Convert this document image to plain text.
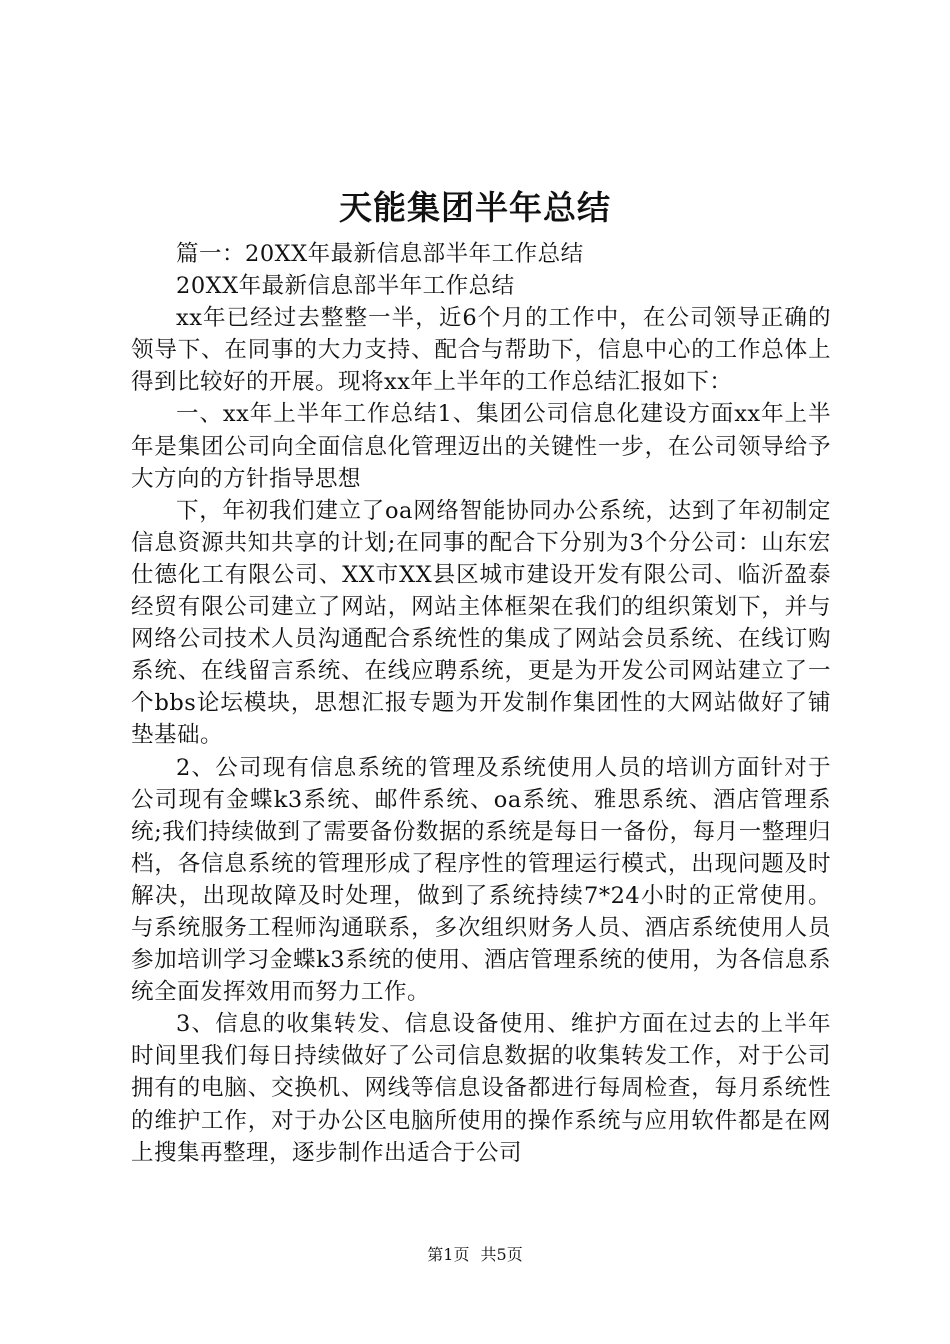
天能集团半年总结

篇一：20XX年最新信息部半年工作总结

20XX年最新信息部半年工作总结

xx年已经过去整整一半，近6个月的工作中，在公司领导正确的领导下、在同事的大力支持、配合与帮助下，信息中心的工作总体上得到比较好的开展。现将xx年上半年的工作总结汇报如下：

一、xx年上半年工作总结1、集团公司信息化建设方面xx年上半年是集团公司向全面信息化管理迈出的关键性一步，在公司领导给予大方向的方针指导思想

下，年初我们建立了oa网络智能协同办公系统，达到了年初制定信息资源共知共享的计划;在同事的配合下分别为3个分公司：山东宏仕德化工有限公司、XX市XX县区城市建设开发有限公司、临沂盈泰经贸有限公司建立了网站，网站主体框架在我们的组织策划下，并与网络公司技术人员沟通配合系统性的集成了网站会员系统、在线订购系统、在线留言系统、在线应聘系统，更是为开发公司网站建立了一个bbs论坛模块，思想汇报专题为开发制作集团性的大网站做好了铺垫基础。

2、公司现有信息系统的管理及系统使用人员的培训方面针对于公司现有金蝶k3系统、邮件系统、oa系统、雅思系统、酒店管理系统;我们持续做到了需要备份数据的系统是每日一备份，每月一整理归档，各信息系统的管理形成了程序性的管理运行模式，出现问题及时解决，出现故障及时处理，做到了系统持续7*24小时的正常使用。与系统服务工程师沟通联系，多次组织财务人员、酒店系统使用人员参加培训学习金蝶k3系统的使用、酒店管理系统的使用，为各信息系统全面发挥效用而努力工作。

3、信息的收集转发、信息设备使用、维护方面在过去的上半年时间里我们每日持续做好了公司信息数据的收集转发工作，对于公司拥有的电脑、交换机、网线等信息设备都进行每周检查，每月系统性的维护工作，对于办公区电脑所使用的操作系统与应用软件都是在网上搜集再整理，逐步制作出适合于公司

第1页 共5页
